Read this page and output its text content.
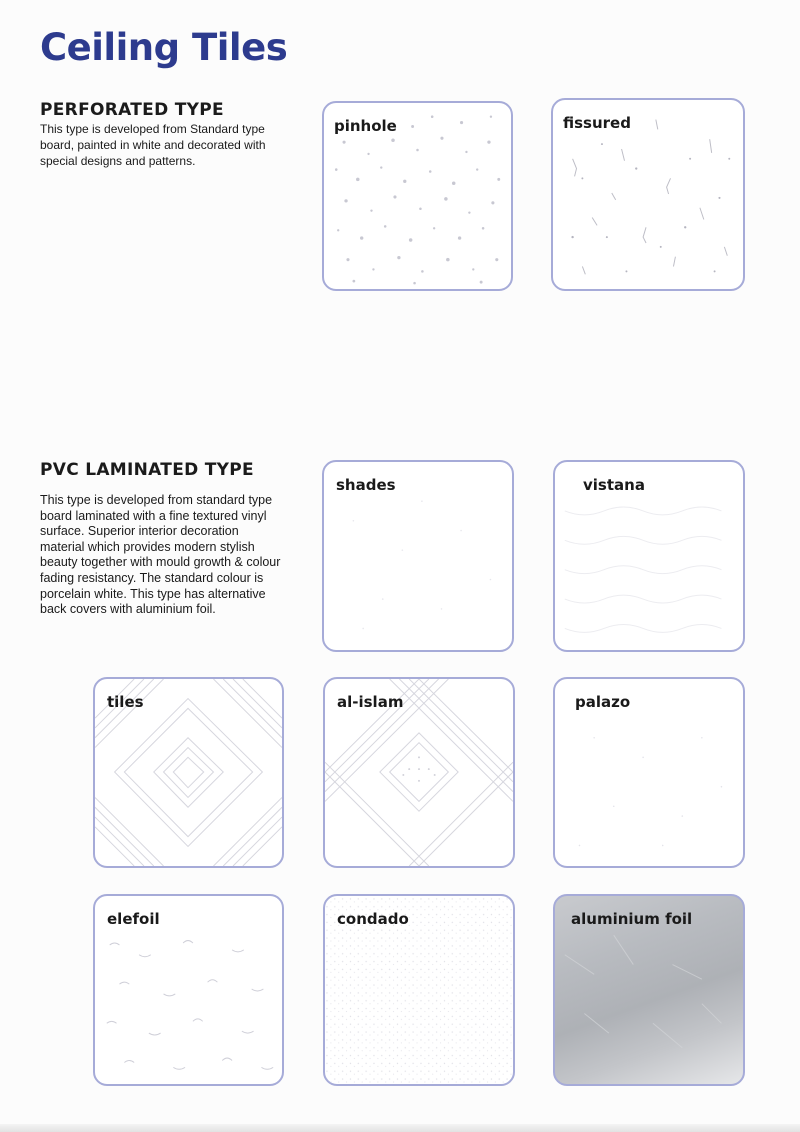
Ceiling Tiles
PERFORATED TYPE
This type is developed from Standard type
board, painted in white and decorated with
special designs and patterns.
PVC LAMINATED TYPE
This type is developed from standard type
board laminated with a fine textured vinyl
surface. Superior interior decoration
material which provides modern stylish
beauty together with mould growth & colour
fading resistancy. The standard colour is
porcelain white. This type has alternative
back covers with aluminium foil.
pinhole	fissured
shades	vistana
tiles	al-islam	palazo
elefoil	condado	aluminium foil
